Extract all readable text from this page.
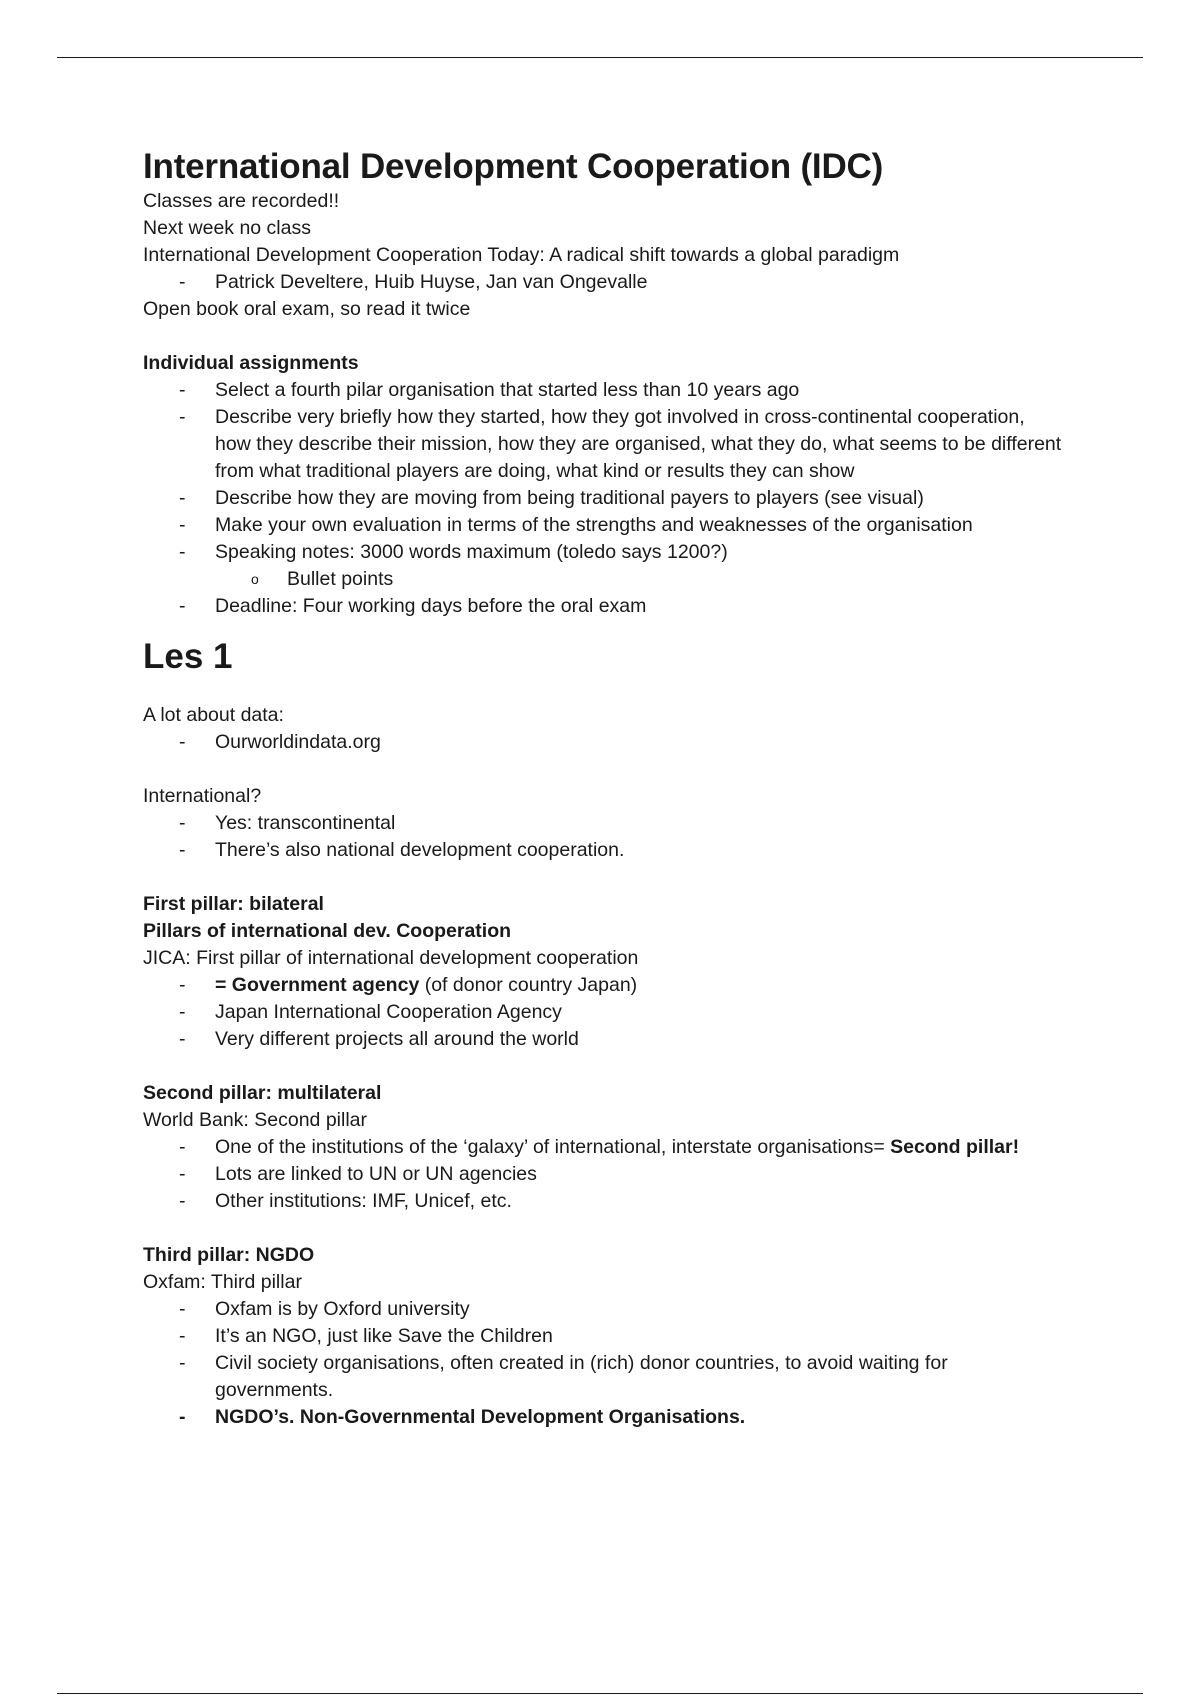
International Development Cooperation (IDC)

Classes are recorded!!

Next week no class

International Development Cooperation Today: A radical shift towards a global paradigm

- Patrick Develtere, Huib Huyse, Jan van Ongevalle

Open book oral exam, so read it twice

Individual assignments

- Select a fourth pilar organisation that started less than 10 years ago
- Describe very briefly how they started, how they got involved in cross-continental cooperation, how they describe their mission, how they are organised, what they do, what seems to be different from what traditional players are doing, what kind or results they can show
- Describe how they are moving from being traditional payers to players (see visual)
- Make your own evaluation in terms of the strengths and weaknesses of the organisation
- Speaking notes: 3000 words maximum (toledo says 1200?)
o Bullet points
- Deadline: Four working days before the oral exam
Les 1

A lot about data:

- Ourworldindata.org

International?

- Yes: transcontinental
- There’s also national development cooperation.

First pillar: bilateral

Pillars of international dev. Cooperation

JICA: First pillar of international development cooperation

- = Government agency (of donor country Japan)
- Japan International Cooperation Agency
- Very different projects all around the world

Second pillar: multilateral

World Bank: Second pillar

- One of the institutions of the ‘galaxy’ of international, interstate organisations= Second pillar!
- Lots are linked to UN or UN agencies
- Other institutions: IMF, Unicef, etc.

Third pillar: NGDO

Oxfam: Third pillar

- Oxfam is by Oxford university
- It’s an NGO, just like Save the Children
- Civil society organisations, often created in (rich) donor countries, to avoid waiting for governments.
- NGDO’s. Non-Governmental Development Organisations.
